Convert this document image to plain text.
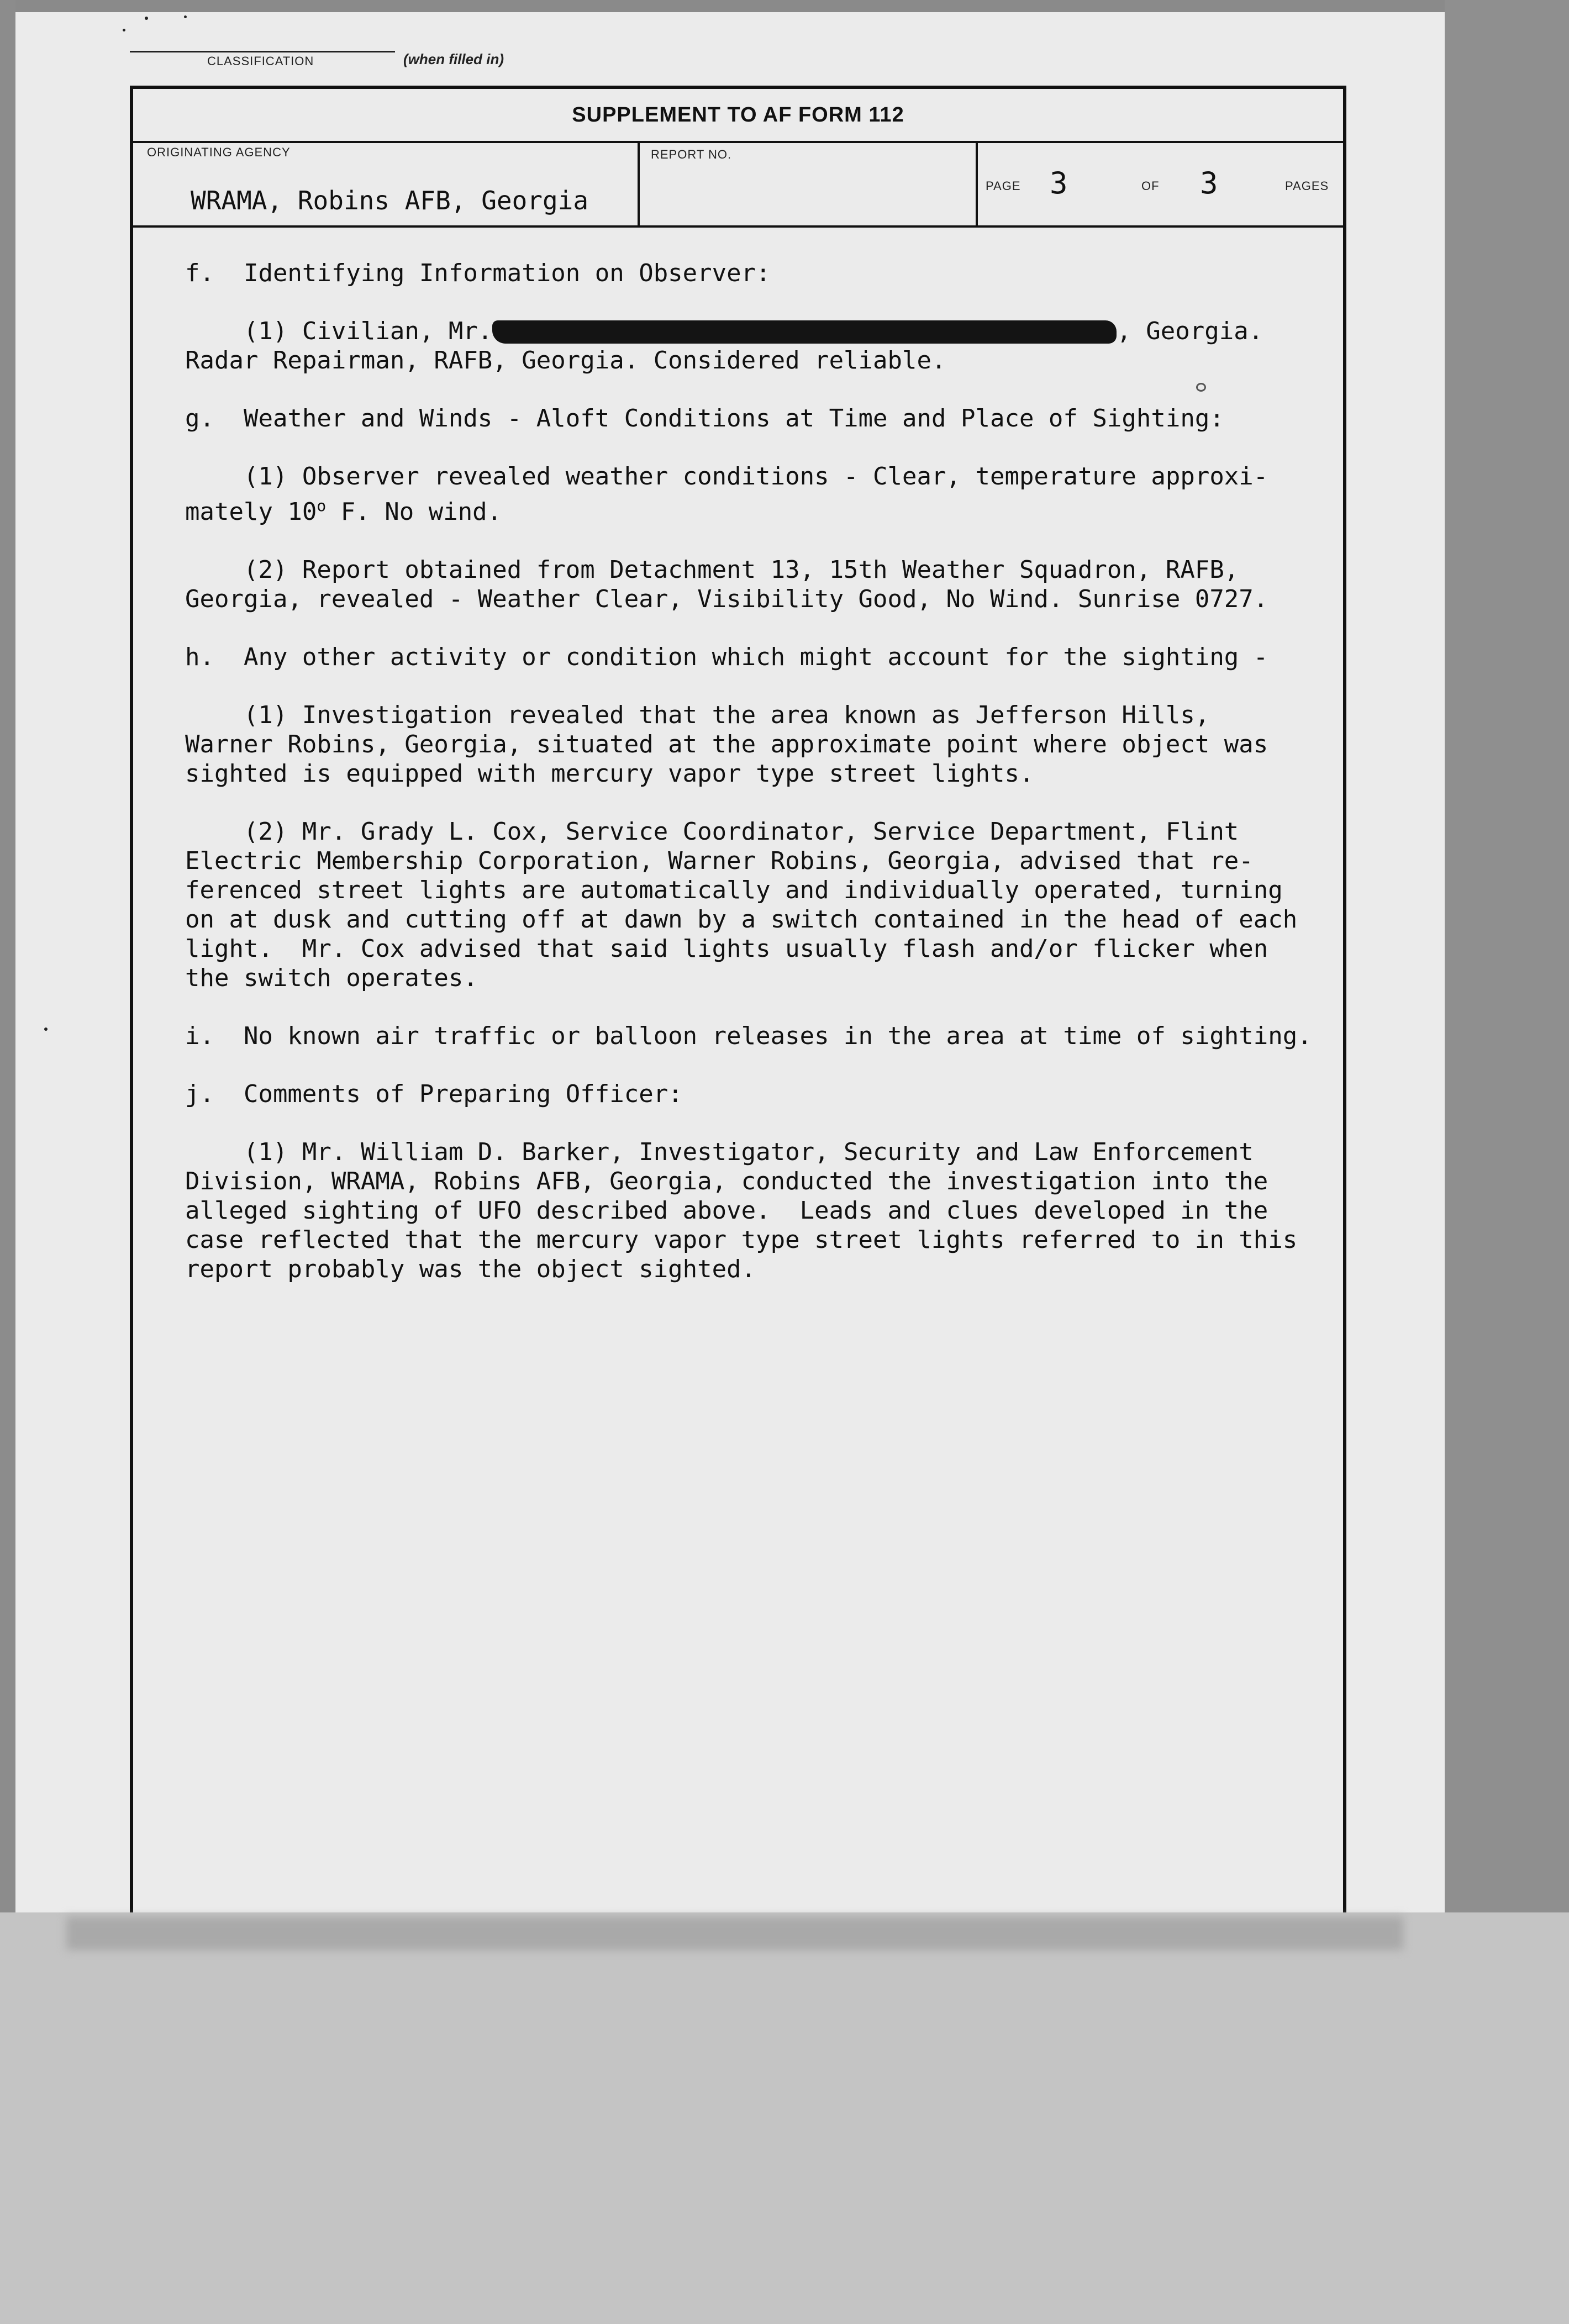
CLASSIFICATION	(when filled in)
SUPPLEMENT TO AF FORM 112
ORIGINATING AGENCY
WRAMA, Robins AFB, Georgia
REPORT NO.
PAGE 3	OF 3	PAGES
f.  Identifying Information on Observer:
(1) Civilian, Mr.	, Georgia.
Radar Repairman, RAFB, Georgia. Considered reliable.
g.  Weather and Winds - Aloft Conditions at Time and Place of Sighting:
(1) Observer revealed weather conditions - Clear, temperature approxi-
mately 10$^o$ F. No wind.
(2) Report obtained from Detachment 13, 15th Weather Squadron, RAFB,
Georgia, revealed - Weather Clear, Visibility Good, No Wind. Sunrise 0727.
h.  Any other activity or condition which might account for the sighting -
(1) Investigation revealed that the area known as Jefferson Hills,
Warner Robins, Georgia, situated at the approximate point where object was
sighted is equipped with mercury vapor type street lights.
(2) Mr. Grady L. Cox, Service Coordinator, Service Department, Flint
Electric Membership Corporation, Warner Robins, Georgia, advised that re-
ferenced street lights are automatically and individually operated, turning
on at dusk and cutting off at dawn by a switch contained in the head of each
light.  Mr. Cox advised that said lights usually flash and/or flicker when
the switch operates.
i.  No known air traffic or balloon releases in the area at time of sighting.
j.  Comments of Preparing Officer:
(1) Mr. William D. Barker, Investigator, Security and Law Enforcement
Division, WRAMA, Robins AFB, Georgia, conducted the investigation into the
alleged sighting of UFO described above.  Leads and clues developed in the
case reflected that the mercury vapor type street lights referred to in this
report probably was the object sighted.
